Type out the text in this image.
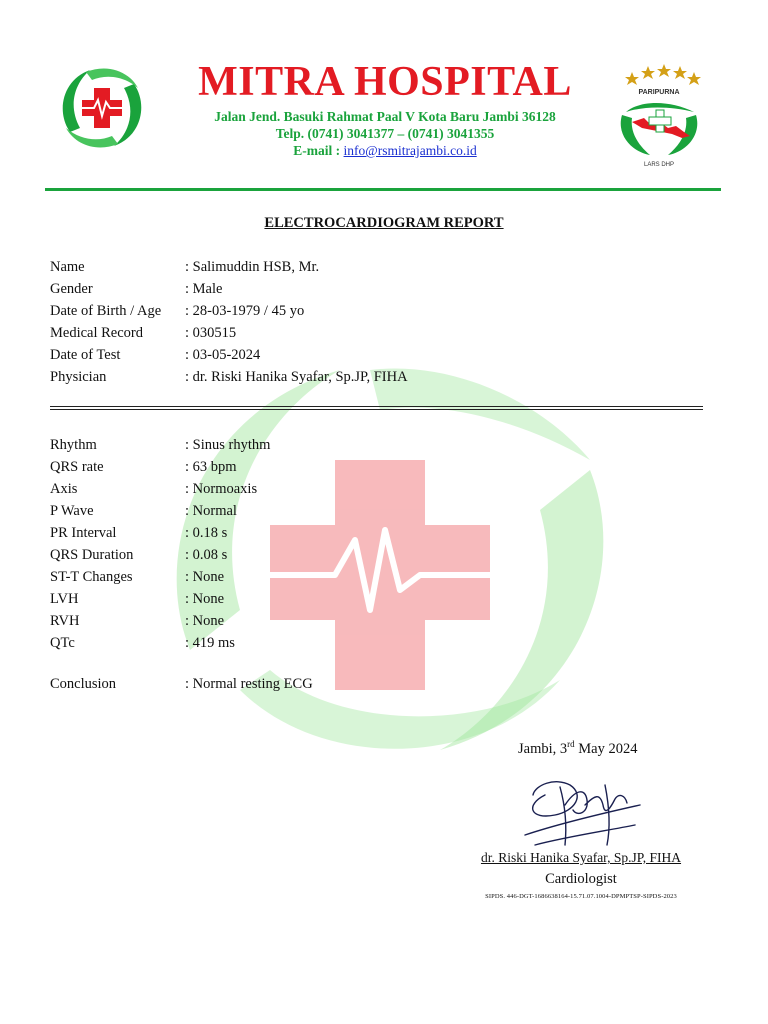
MITRA HOSPITAL
Jalan Jend. Basuki Rahmat Paal V Kota Baru Jambi 36128
Telp. (0741) 3041377 – (0741) 3041355
E-mail : info@rsmitrajambi.co.id
PARIPURNA
LARS DHP
ELECTROCARDIOGRAM REPORT
Name	: Salimuddin HSB, Mr.
Gender	: Male
Date of Birth / Age : 28-03-1979 / 45 yo
Medical Record	: 030515
Date of Test	: 03-05-2024
Physician	: dr. Riski Hanika Syafar, Sp.JP, FIHA
Rhythm	: Sinus rhythm
QRS rate	: 63 bpm
Axis	: Normoaxis
P Wave	: Normal
PR Interval	: 0.18 s
QRS Duration	: 0.08 s
ST-T Changes	: None
LVH	: None
RVH	: None
QTc	: 419 ms
Conclusion	: Normal resting ECG
Jambi, 3rd May 2024
dr. Riski Hanika Syafar, Sp.JP, FIHA
Cardiologist
SIPDS. 446-DGT-1686638164-15.71.07.1004-DPMPTSP-SIPDS-2023
